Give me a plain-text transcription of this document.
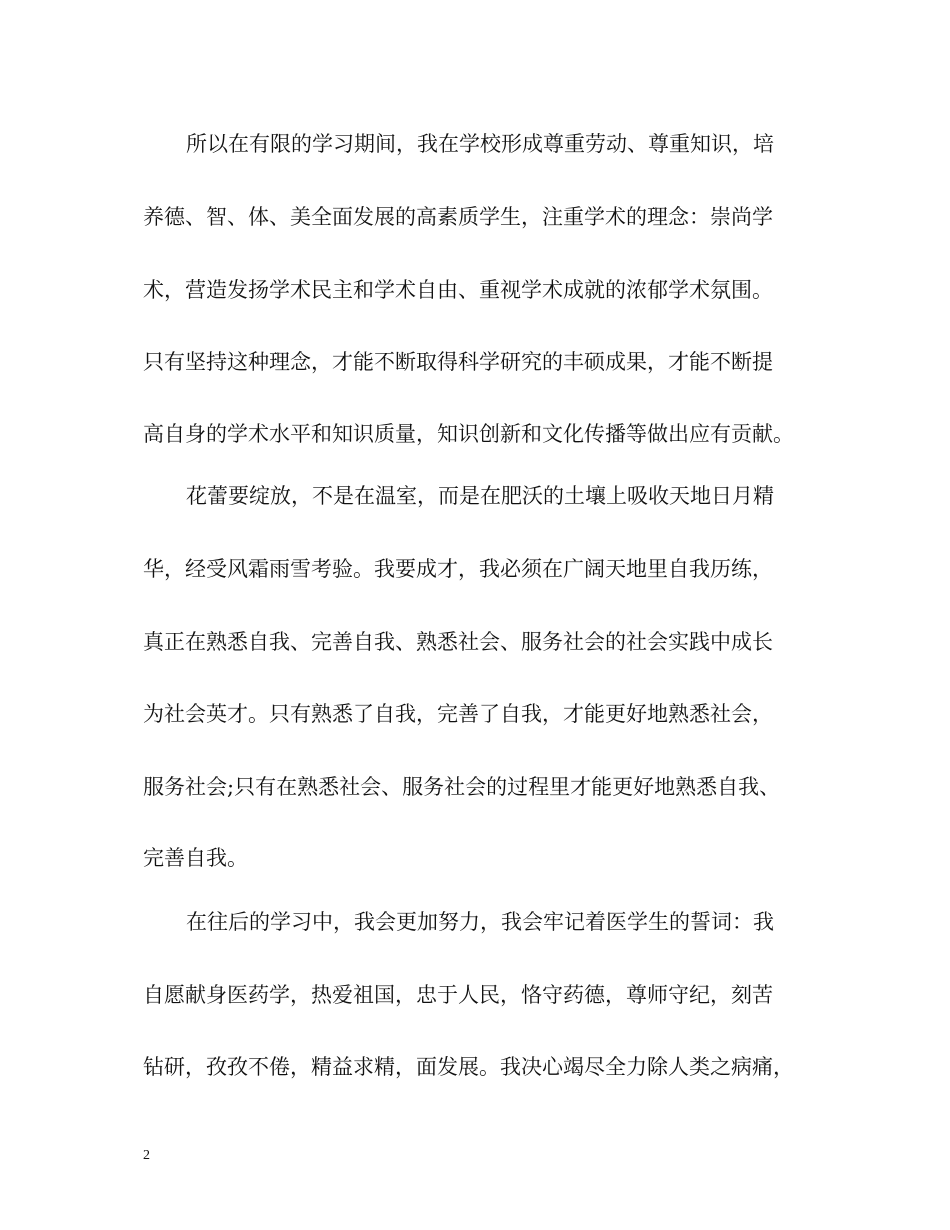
所以在有限的学习期间，我在学校形成尊重劳动、尊重知识，培
养德、智、体、美全面发展的高素质学生，注重学术的理念：崇尚学
术，营造发扬学术民主和学术自由、重视学术成就的浓郁学术氛围。
只有坚持这种理念，才能不断取得科学研究的丰硕成果，才能不断提
高自身的学术水平和知识质量，知识创新和文化传播等做出应有贡献。
花蕾要绽放，不是在温室，而是在肥沃的土壤上吸收天地日月精
华，经受风霜雨雪考验。我要成才，我必须在广阔天地里自我历练，
真正在熟悉自我、完善自我、熟悉社会、服务社会的社会实践中成长
为社会英才。只有熟悉了自我，完善了自我，才能更好地熟悉社会，
服务社会;只有在熟悉社会、服务社会的过程里才能更好地熟悉自我、
完善自我。
在往后的学习中，我会更加努力，我会牢记着医学生的誓词：我
自愿献身医药学，热爱祖国，忠于人民，恪守药德，尊师守纪，刻苦
钻研，孜孜不倦，精益求精，面发展。我决心竭尽全力除人类之病痛，
2
